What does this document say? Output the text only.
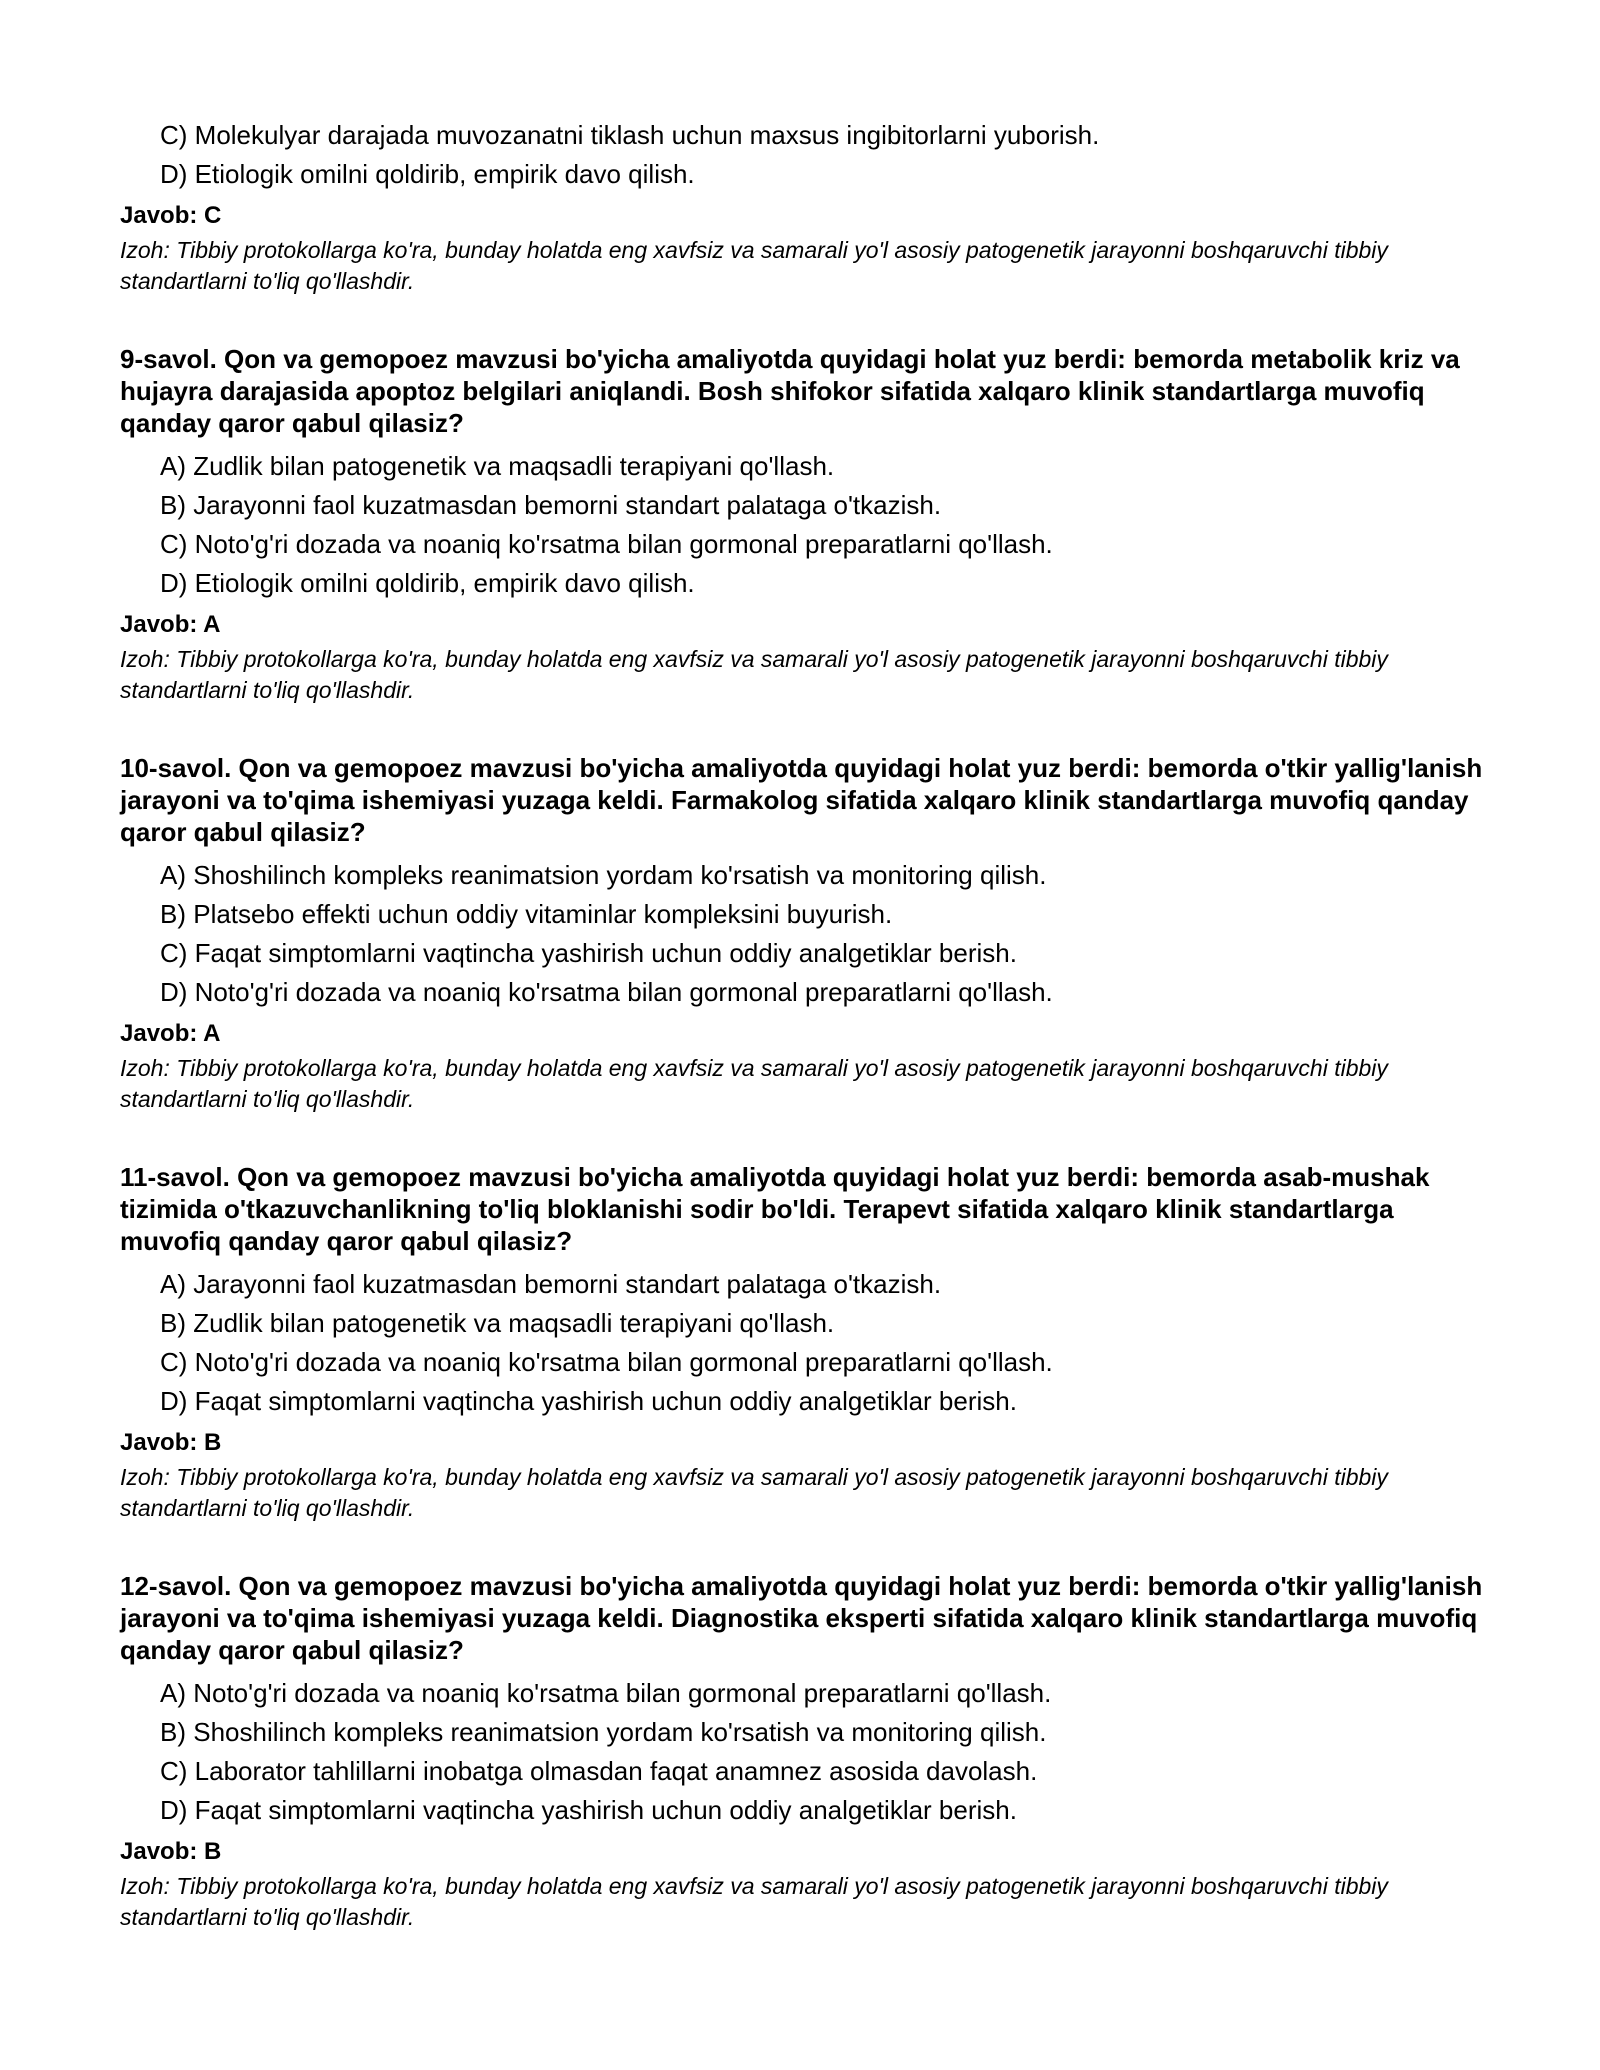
C) Molekulyar darajada muvozanatni tiklash uchun maxsus ingibitorlarni yuborish.
D) Etiologik omilni qoldirib, empirik davo qilish.
Javob: C

Izoh: Tibbiy protokollarga ko'ra, bunday holatda eng xavfsiz va samarali yo'l asosiy patogenetik jarayonni boshqaruvchi tibbiy standartlarni to'liq qo'llashdir.

9-savol. Qon va gemopoez mavzusi bo'yicha amaliyotda quyidagi holat yuz berdi: bemorda metabolik kriz va hujayra darajasida apoptoz belgilari aniqlandi. Bosh shifokor sifatida xalqaro klinik standartlarga muvofiq qanday qaror qabul qilasiz?
A) Zudlik bilan patogenetik va maqsadli terapiyani qo'llash.
B) Jarayonni faol kuzatmasdan bemorni standart palataga o'tkazish.
C) Noto'g'ri dozada va noaniq ko'rsatma bilan gormonal preparatlarni qo'llash.
D) Etiologik omilni qoldirib, empirik davo qilish.
Javob: A

Izoh: Tibbiy protokollarga ko'ra, bunday holatda eng xavfsiz va samarali yo'l asosiy patogenetik jarayonni boshqaruvchi tibbiy standartlarni to'liq qo'llashdir.

10-savol. Qon va gemopoez mavzusi bo'yicha amaliyotda quyidagi holat yuz berdi: bemorda o'tkir yallig'lanish jarayoni va to'qima ishemiyasi yuzaga keldi. Farmakolog sifatida xalqaro klinik standartlarga muvofiq qanday qaror qabul qilasiz?
A) Shoshilinch kompleks reanimatsion yordam ko'rsatish va monitoring qilish.
B) Platsebo effekti uchun oddiy vitaminlar kompleksini buyurish.
C) Faqat simptomlarni vaqtincha yashirish uchun oddiy analgetiklar berish.
D) Noto'g'ri dozada va noaniq ko'rsatma bilan gormonal preparatlarni qo'llash.
Javob: A

Izoh: Tibbiy protokollarga ko'ra, bunday holatda eng xavfsiz va samarali yo'l asosiy patogenetik jarayonni boshqaruvchi tibbiy standartlarni to'liq qo'llashdir.

11-savol. Qon va gemopoez mavzusi bo'yicha amaliyotda quyidagi holat yuz berdi: bemorda asab-mushak tizimida o'tkazuvchanlikning to'liq bloklanishi sodir bo'ldi. Terapevt sifatida xalqaro klinik standartlarga muvofiq qanday qaror qabul qilasiz?
A) Jarayonni faol kuzatmasdan bemorni standart palataga o'tkazish.
B) Zudlik bilan patogenetik va maqsadli terapiyani qo'llash.
C) Noto'g'ri dozada va noaniq ko'rsatma bilan gormonal preparatlarni qo'llash.
D) Faqat simptomlarni vaqtincha yashirish uchun oddiy analgetiklar berish.
Javob: B

Izoh: Tibbiy protokollarga ko'ra, bunday holatda eng xavfsiz va samarali yo'l asosiy patogenetik jarayonni boshqaruvchi tibbiy standartlarni to'liq qo'llashdir.

12-savol. Qon va gemopoez mavzusi bo'yicha amaliyotda quyidagi holat yuz berdi: bemorda o'tkir yallig'lanish jarayoni va to'qima ishemiyasi yuzaga keldi. Diagnostika eksperti sifatida xalqaro klinik standartlarga muvofiq qanday qaror qabul qilasiz?
A) Noto'g'ri dozada va noaniq ko'rsatma bilan gormonal preparatlarni qo'llash.
B) Shoshilinch kompleks reanimatsion yordam ko'rsatish va monitoring qilish.
C) Laborator tahlillarni inobatga olmasdan faqat anamnez asosida davolash.
D) Faqat simptomlarni vaqtincha yashirish uchun oddiy analgetiklar berish.
Javob: B

Izoh: Tibbiy protokollarga ko'ra, bunday holatda eng xavfsiz va samarali yo'l asosiy patogenetik jarayonni boshqaruvchi tibbiy standartlarni to'liq qo'llashdir.
